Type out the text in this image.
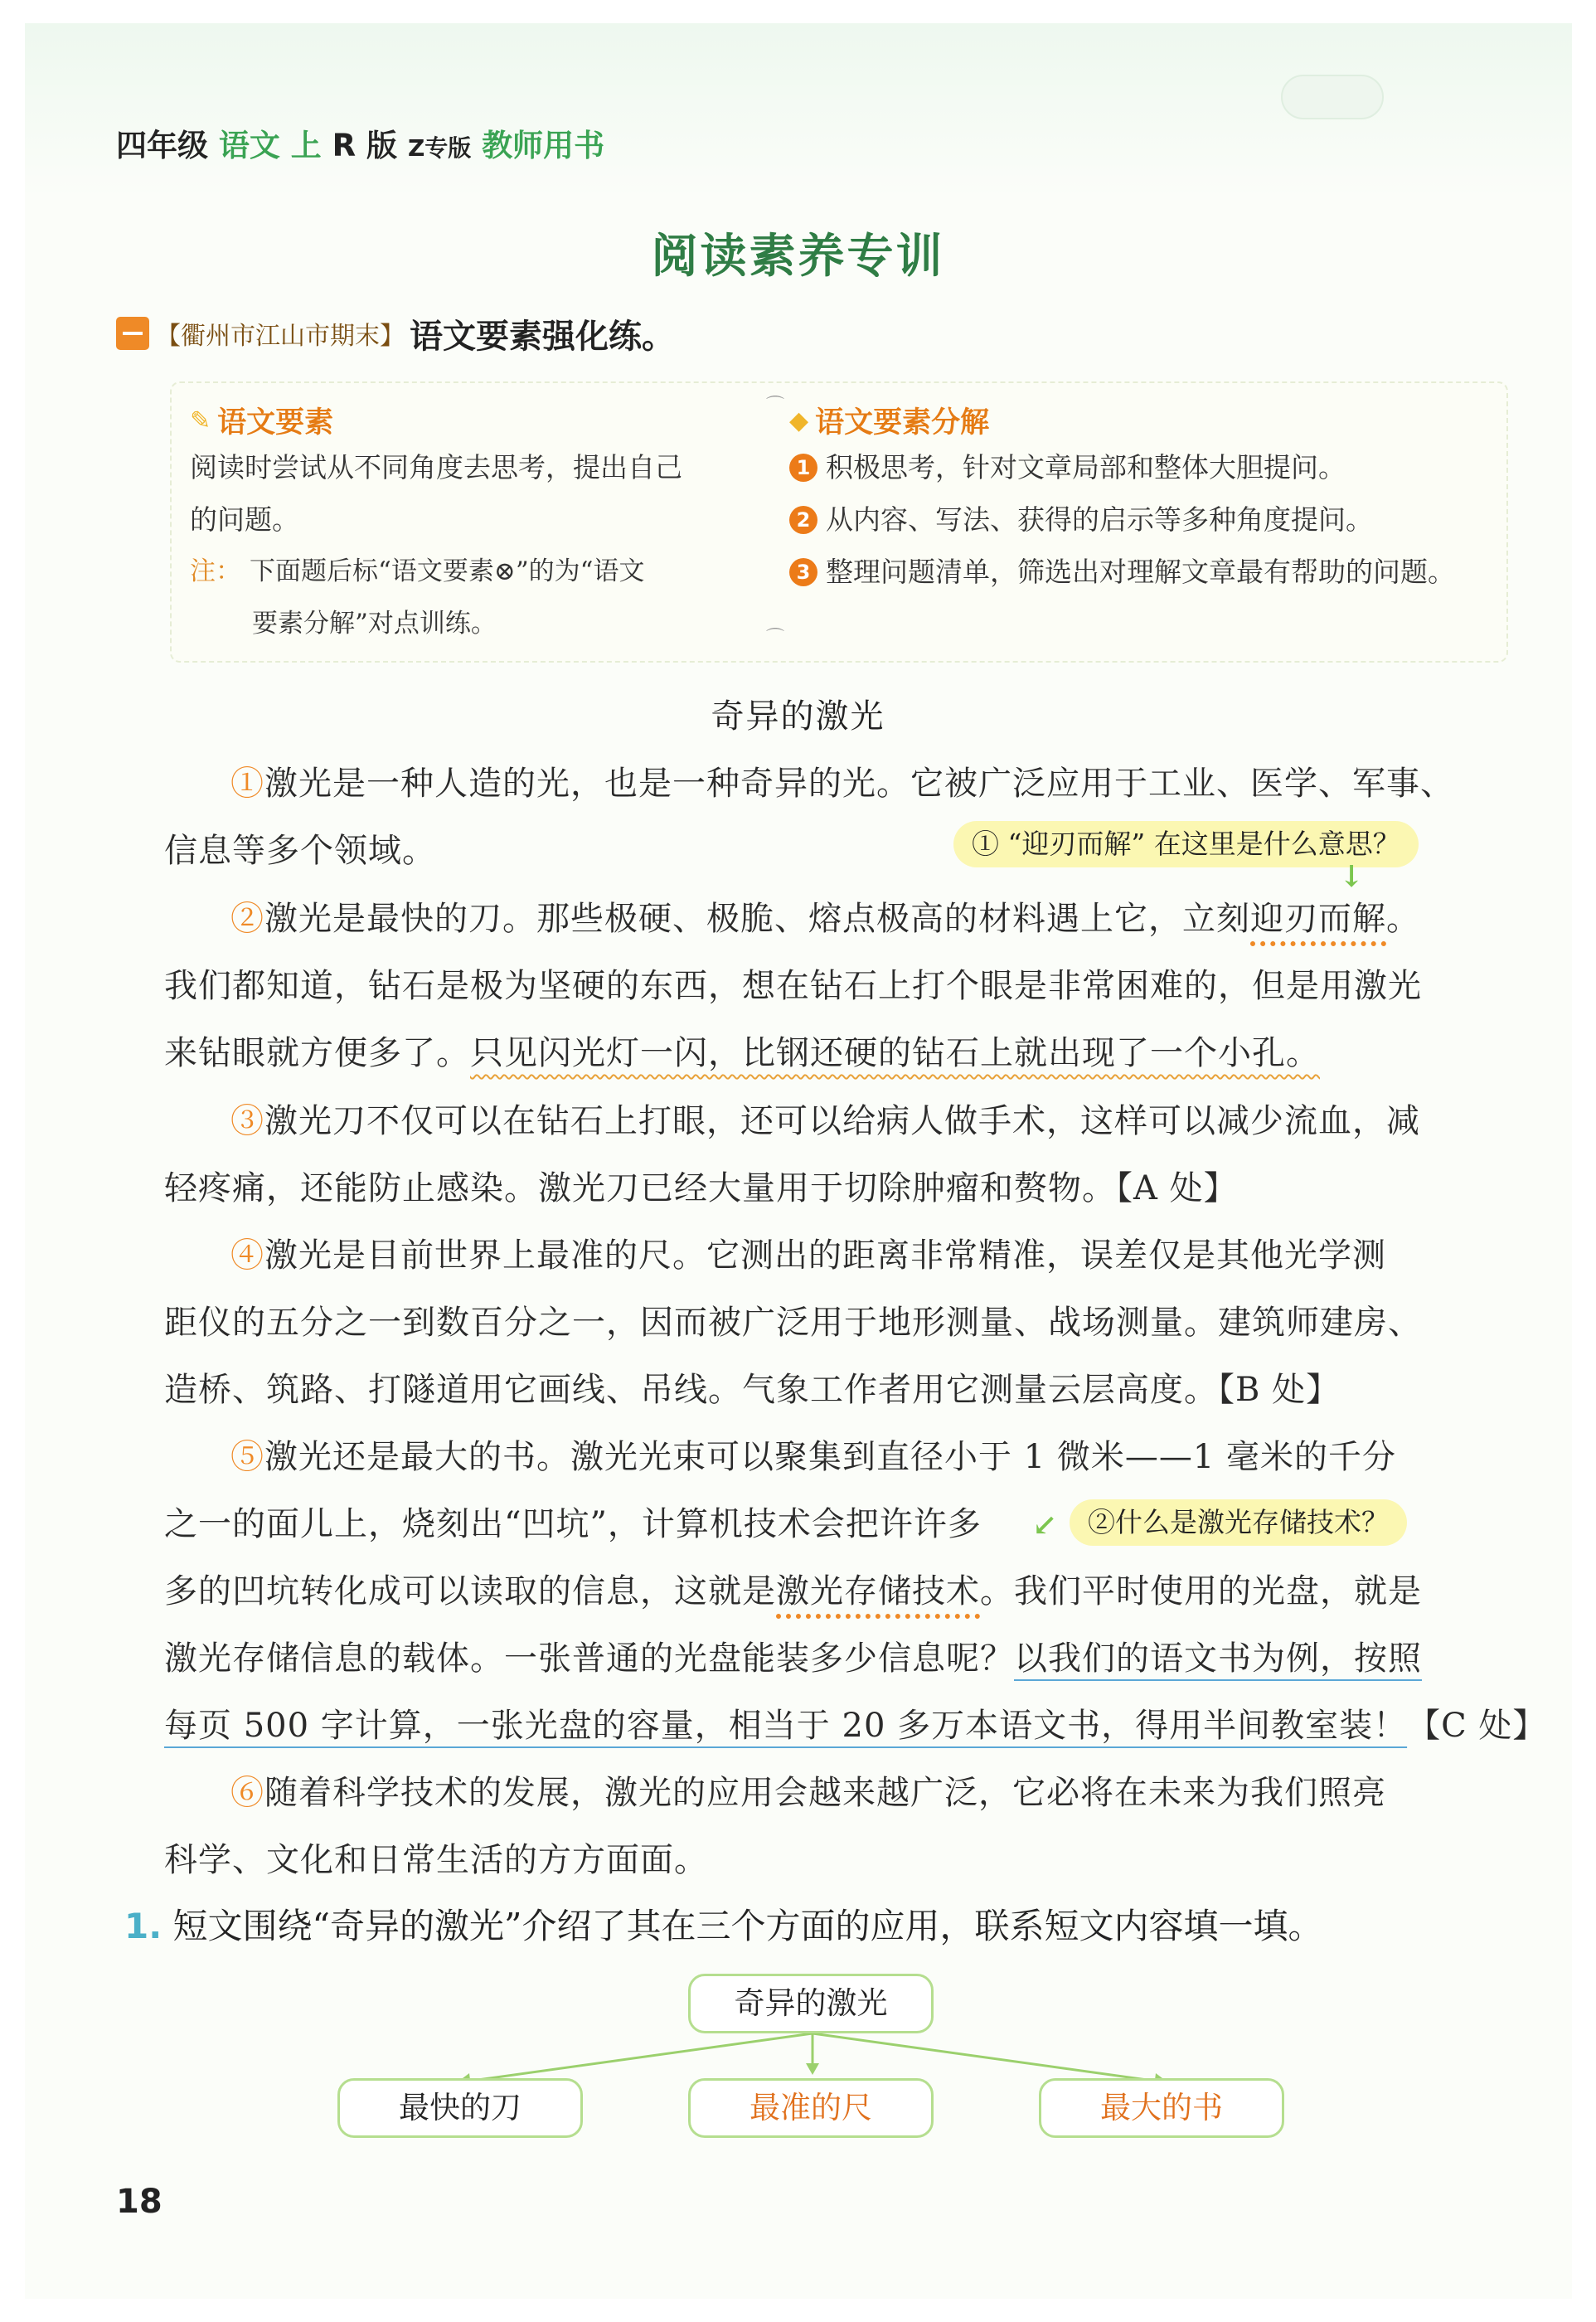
四年级 语文 上 R 版 Z专版 教师用书
阅读素养专训
【衢州市江山市期末】 语文要素强化练。
✎ 语文要素
阅读时尝试从不同角度去思考，提出自己
的问题。
注： 下面题后标“语文要素⊗”的为“语文
要素分解”对点训练。
⌒
⌒
◆ 语文要素分解
1 积极思考，针对文章局部和整体大胆提问。
2 从内容、写法、获得的启示等多种角度提问。
3 整理问题清单，筛选出对理解文章最有帮助的问题。
奇异的激光
①激光是一种人造的光，也是一种奇异的光。它被广泛应用于工业、医学、军事、
信息等多个领域。
②激光是最快的刀。那些极硬、极脆、熔点极高的材料遇上它，立刻迎刃而解。
我们都知道，钻石是极为坚硬的东西，想在钻石上打个眼是非常困难的，但是用激光
来钻眼就方便多了。只见闪光灯一闪，比钢还硬的钻石上就出现了一个小孔。
③激光刀不仅可以在钻石上打眼，还可以给病人做手术，这样可以减少流血，减
轻疼痛，还能防止感染。激光刀已经大量用于切除肿瘤和赘物。【A 处】
④激光是目前世界上最准的尺。它测出的距离非常精准，误差仅是其他光学测
距仪的五分之一到数百分之一，因而被广泛用于地形测量、战场测量。建筑师建房、
造桥、筑路、打隧道用它画线、吊线。气象工作者用它测量云层高度。【B 处】
⑤激光还是最大的书。激光光束可以聚集到直径小于 1 微米——1 毫米的千分
之一的面儿上，烧刻出“凹坑”，计算机技术会把许许多
多的凹坑转化成可以读取的信息，这就是激光存储技术。我们平时使用的光盘，就是
激光存储信息的载体。一张普通的光盘能装多少信息呢？以我们的语文书为例，按照
每页 500 字计算，一张光盘的容量，相当于 20 多万本语文书，得用半间教室装！【C 处】
⑥随着科学技术的发展，激光的应用会越来越广泛，它必将在未来为我们照亮
科学、文化和日常生活的方方面面。
① “迎刃而解” 在这里是什么意思？
↓
②什么是激光存储技术？
↙
1. 短文围绕“奇异的激光”介绍了其在三个方面的应用，联系短文内容填一填。
奇异的激光
最快的刀	最准的尺	最大的书
18
